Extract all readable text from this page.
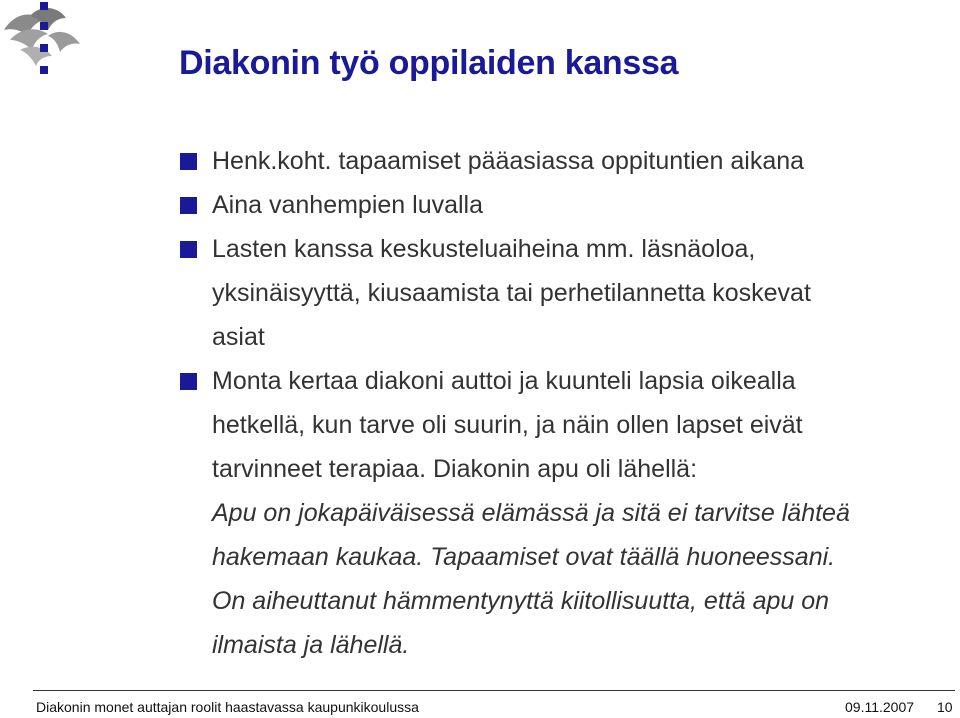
Diakonin työ oppilaiden kanssa
Henk.koht. tapaamiset pääasiassa oppituntien aikana
Aina vanhempien luvalla
Lasten kanssa keskusteluaiheina mm. läsnäoloa,
yksinäisyyttä, kiusaamista tai perhetilannetta koskevat
asiat
Monta kertaa diakoni auttoi ja kuunteli lapsia oikealla
hetkellä, kun tarve oli suurin, ja näin ollen lapset eivät
tarvinneet terapiaa. Diakonin apu oli lähellä:
Apu on jokapäiväisessä elämässä ja sitä ei tarvitse lähteä
hakemaan kaukaa. Tapaamiset ovat täällä huoneessani.
On aiheuttanut hämmentynyttä kiitollisuutta, että apu on
ilmaista ja lähellä.
Diakonin monet auttajan roolit haastavassa kaupunkikoulussa	09.11.2007 10
